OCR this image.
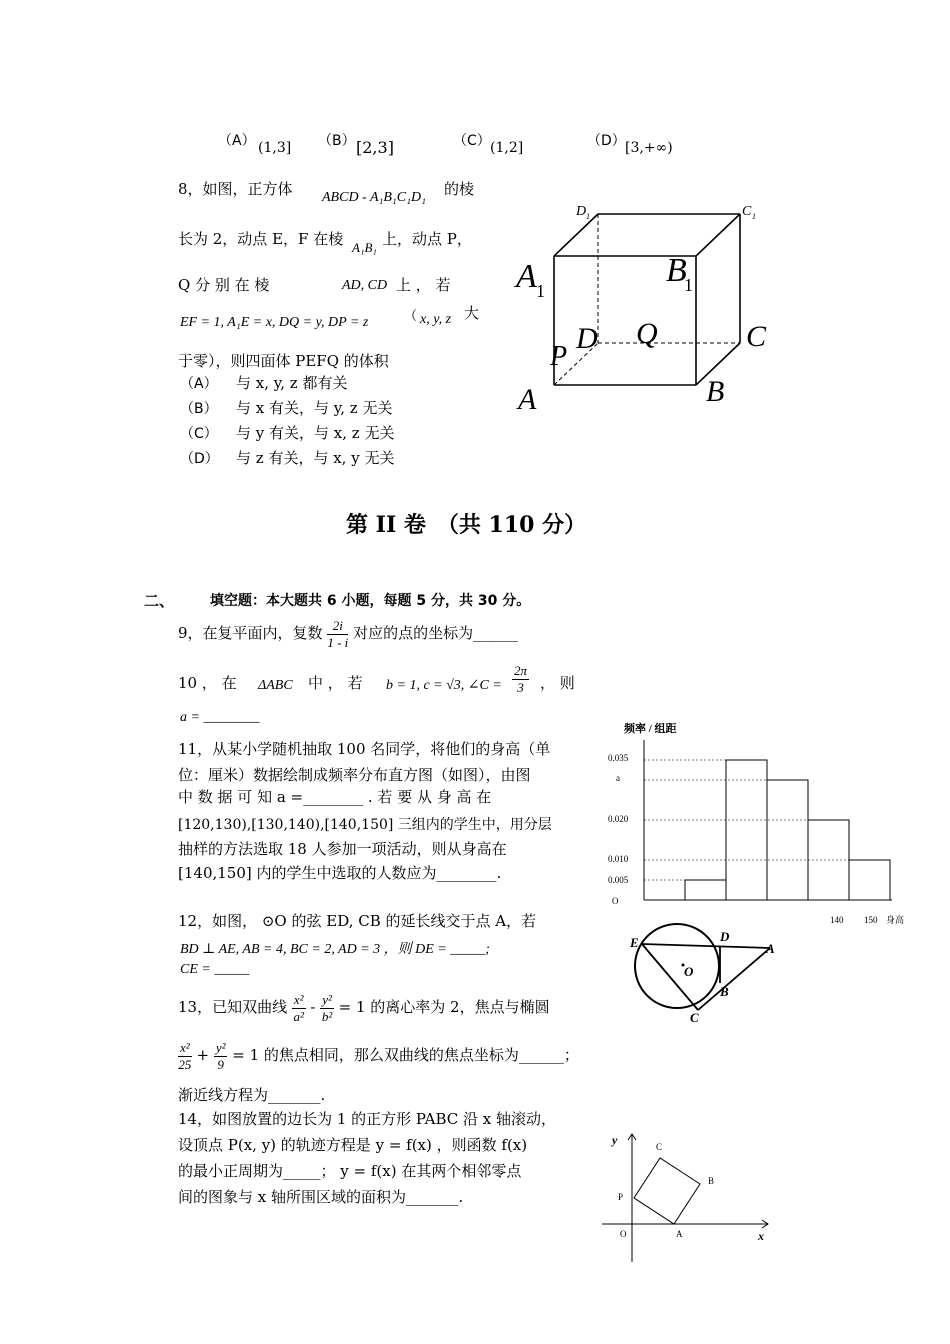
（A） (1,3] （B） [2,3]	（C） (1,2]	（D） [3,+∞)
8，如图，正方体 ABCD - A₁B₁C₁D₁ 的棱
长为 2，动点 E，F 在棱 A₁B₁ 上，动点 P，
Q 分 别 在 棱	AD, CD 上 ， 若
EF = 1, A₁E = x, DQ = y, DP = z	（ x, y, z 大
于零），则四面体 PEFQ 的体积
（A） 与 x, y, z 都有关
（B） 与 x 有关，与 y, z 无关
（C） 与 y 有关，与 x, z 无关
（D） 与 z 有关，与 x, y 无关
D 1	C 1
A 1
B
1
D Q	C
P
A	B
第 II 卷　（共 110 分）
二、	填空题：本大题共 6 小题，每题 5 分，共 30 分。
9，在复平面内，复数 $\frac{2i}{1 - i}$ 对应的点的坐标为______
10 ， 在 ΔABC 中 ， 若 b = 1, c = √3, ∠C = $\frac{2\pi}{3}$ ， 则
a = ________
11，从某小学随机抽取 100 名同学，将他们的身高（单
位：厘米）数据绘制成频率分布直方图（如图），由图
中 数 据 可 知 a =________ . 若 要 从 身 高 在
[120,130),[130,140),[140,150] 三组内的学生中，用分层
抽样的方法选取 18 人参加一项活动，则从身高在
[140,150] 内的学生中选取的人数应为________.
频率 / 组距
0.035
a
0.020
0.010
0.005
O
140 150 身高
12，如图， ⊙O 的弦 ED, CB 的延长线交于点 A，若
BD ⊥ AE, AB = 4, BC = 2, AD = 3 ，则 DE = _____;
CE = _____
E	D
A
O
B
C
13，已知双曲线 $\frac{\text{x²}}{\text{a²}} - \frac{\text{y²}}{\text{b²}} = 1$ 的离心率为 2，焦点与椭圆
$\frac{\text{x²}}{25} + \frac{\text{y²}}{9} = 1$ 的焦点相同，那么双曲线的焦点坐标为______；
渐近线方程为_______.
14，如图放置的边长为 1 的正方形 PABC 沿 x 轴滚动，
设顶点 P(x, y) 的轨迹方程是 y = f(x) ，则函数 f(x)
的最小正周期为_____； y = f(x) 在其两个相邻零点
间的图象与 x 轴所围区域的面积为_______.
y
x
O	A
B
C
P
